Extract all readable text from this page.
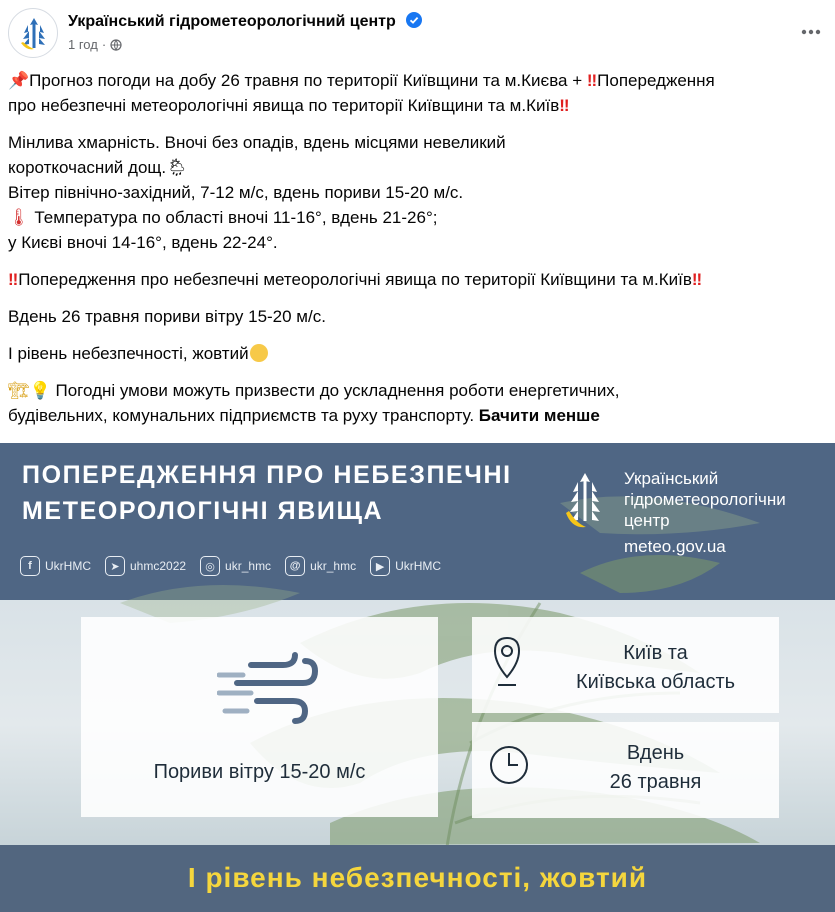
Український гідрометеорологічний центр
1 год ·

📌Прогноз погоди на добу 26 травня по території Київщини та м.Києва + ‼Попередження
про небезпечні метеорологічні явища по території Київщини та м.Київ‼

Мінлива хмарність. Вночі без опадів, вдень місцями невеликий
короткочасний дощ.🌦
Вітер північно-західний, 7-12 м/с, вдень пориви 15-20 м/с.
🌡 Температура по області вночі 11-16°, вдень 21-26°;
у Києві вночі 14-16°, вдень 22-24°.

‼Попередження про небезпечні метеорологічні явища по території Київщини та м.Київ‼

Вдень 26 травня пориви вітру 15-20 м/с.

I рівень небезпечності, жовтий

🏗💡 Погодні умови можуть призвести до ускладнення роботи енергетичних,
будівельних, комунальних підприємств та руху транспорту. Бачити менше

ПОПЕРЕДЖЕННЯ ПРО НЕБЕЗПЕЧНІ
МЕТЕОРОЛОГІЧНІ ЯВИЩА
Український
гідрометеорологічни
центр
meteo.gov.ua
f	UkrHMC	➤ uhmc2022	◎ ukr_hmc	@ ukr_hmc	▶ UkrHMC
Пориви вітру 15-20 м/с
Київ та
Київська область
Вдень
26 травня
I рівень небезпечності, жовтий
